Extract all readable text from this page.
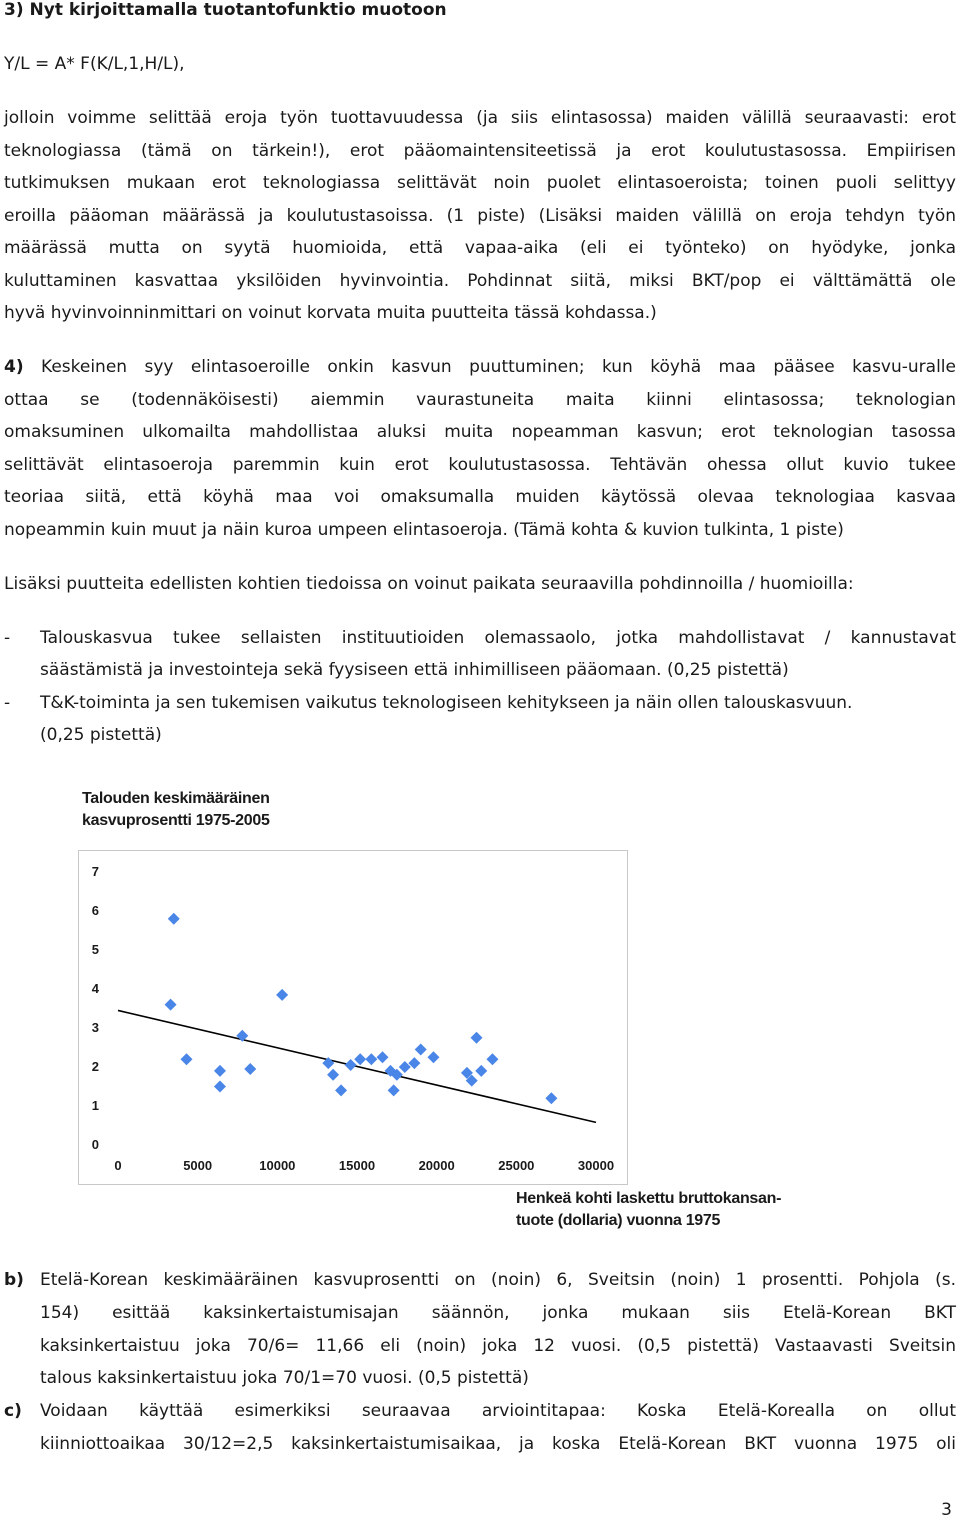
3) Nyt kirjoittamalla tuotantofunktio muotoon
Y/L = A* F(K/L,1,H/L),
jolloin voimme selittää eroja työn tuottavuudessa (ja siis elintasossa) maiden välillä seuraavasti: erot
teknologiassa (tämä on tärkein!), erot pääomaintensiteetissä ja erot koulutustasossa. Empiirisen
tutkimuksen mukaan erot teknologiassa selittävät noin puolet elintasoeroista; toinen puoli selittyy
eroilla pääoman määrässä ja koulutustasoissa. (1 piste) (Lisäksi maiden välillä on eroja tehdyn työn
määrässä mutta on syytä huomioida, että vapaa-aika (eli ei työnteko) on hyödyke, jonka
kuluttaminen kasvattaa yksilöiden hyvinvointia. Pohdinnat siitä, miksi BKT/pop ei välttämättä ole
hyvä hyvinvoinninmittari on voinut korvata muita puutteita tässä kohdassa.)
4) Keskeinen syy elintasoeroille onkin kasvun puuttuminen; kun köyhä maa pääsee kasvu-uralle
ottaa se (todennäköisesti) aiemmin vaurastuneita maita kiinni elintasossa; teknologian
omaksuminen ulkomailta mahdollistaa aluksi muita nopeamman kasvun; erot teknologian tasossa
selittävät elintasoeroja paremmin kuin erot koulutustasossa. Tehtävän ohessa ollut kuvio tukee
teoriaa siitä, että köyhä maa voi omaksumalla muiden käytössä olevaa teknologiaa kasvaa
nopeammin kuin muut ja näin kuroa umpeen elintasoeroja. (Tämä kohta & kuvion tulkinta, 1 piste)
Lisäksi puutteita edellisten kohtien tiedoissa on voinut paikata seuraavilla pohdinnoilla / huomioilla:
- Talouskasvua tukee sellaisten instituutioiden olemassaolo, jotka mahdollistavat / kannustavat
säästämistä ja investointeja sekä fyysiseen että inhimilliseen pääomaan. (0,25 pistettä)
- T&K-toiminta ja sen tukemisen vaikutus teknologiseen kehitykseen ja näin ollen talouskasvuun.
(0,25 pistettä)
Talouden keskimääräinen
kasvuprosentti 1975-2005
0
1
2
3
4
5
6
7
0	5000	10000	15000	20000	25000	30000
Henkeä kohti laskettu bruttokansan-
tuote (dollaria) vuonna 1975
b) Etelä-Korean keskimääräinen kasvuprosentti on (noin) 6, Sveitsin (noin) 1 prosentti. Pohjola (s.
154) esittää kaksinkertaistumisajan säännön, jonka mukaan siis Etelä-Korean BKT
kaksinkertaistuu joka 70/6= 11,66 eli (noin) joka 12 vuosi. (0,5 pistettä) Vastaavasti Sveitsin
talous kaksinkertaistuu joka 70/1=70 vuosi. (0,5 pistettä)
c) Voidaan käyttää esimerkiksi seuraavaa arviointitapaa: Koska Etelä-Korealla on ollut
kiinniottoaikaa 30/12=2,5 kaksinkertaistumisaikaa, ja koska Etelä-Korean BKT vuonna 1975 oli
3
